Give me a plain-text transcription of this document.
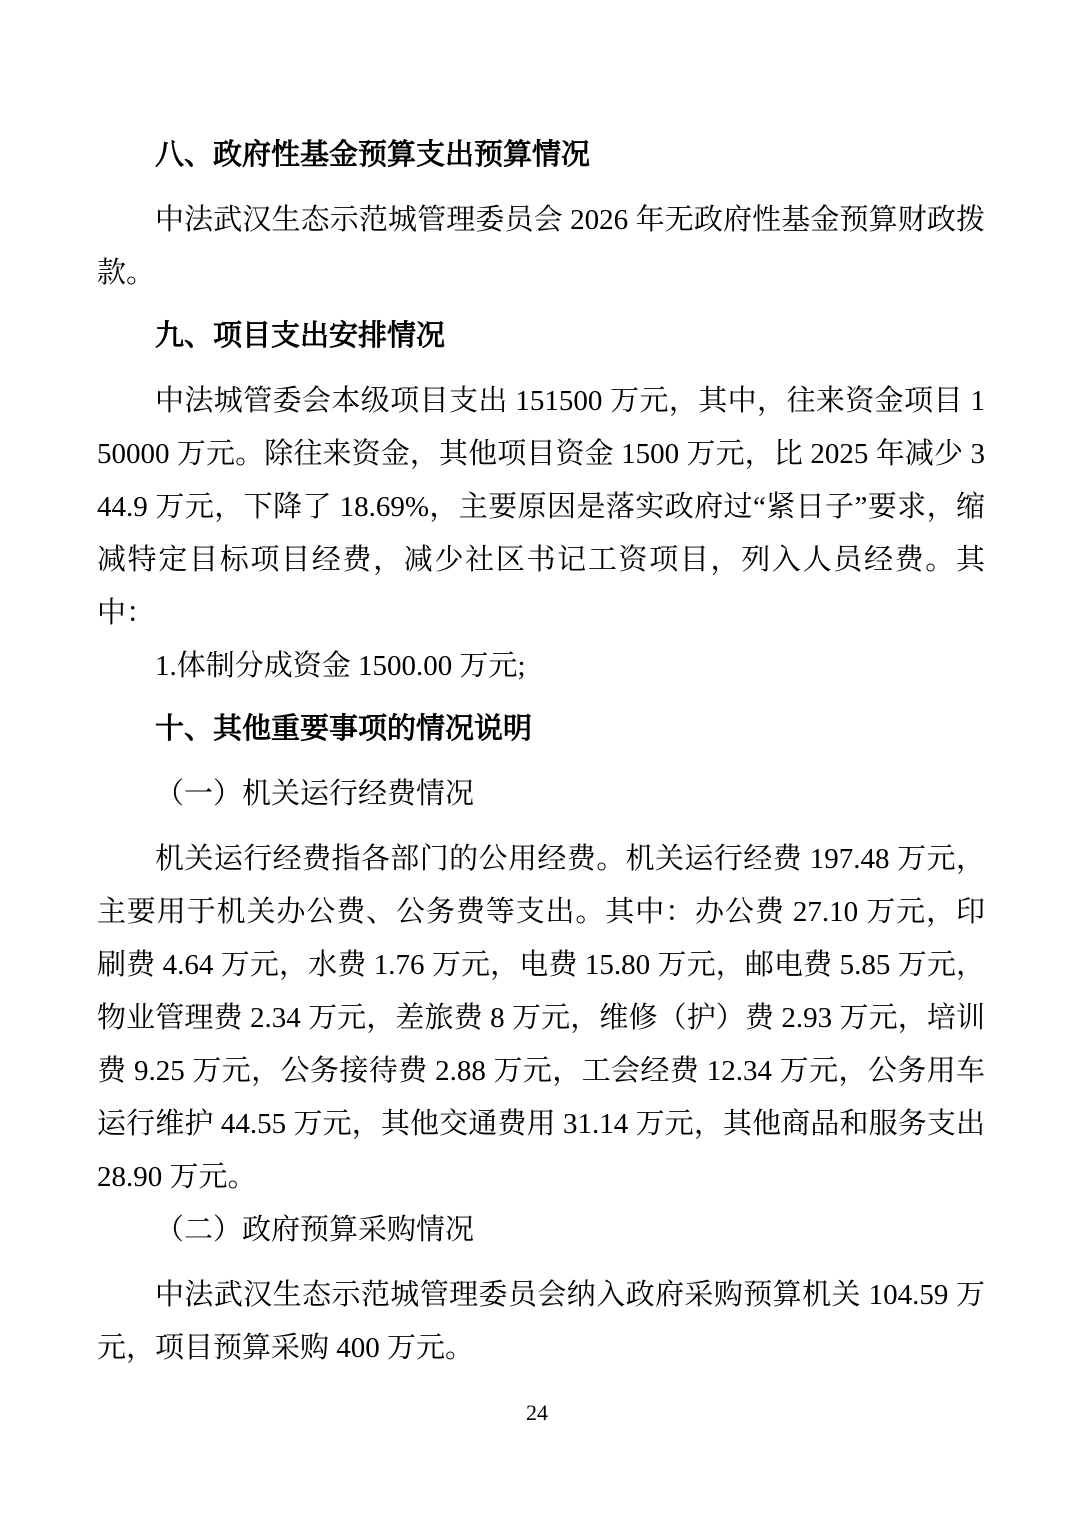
八、政府性基金预算支出预算情况

中法武汉生态示范城管理委员会 2026 年无政府性基金预算财政拨款。

九、项目支出安排情况

中法城管委会本级项目支出 151500 万元，其中，往来资金项目 150000 万元。除往来资金，其他项目资金 1500 万元，比 2025 年减少 344.9 万元，下降了 18.69%，主要原因是落实政府过“紧日子”要求，缩减特定目标项目经费，减少社区书记工资项目，列入人员经费。其中：

1.体制分成资金 1500.00 万元;

十、其他重要事项的情况说明

（一）机关运行经费情况

机关运行经费指各部门的公用经费。机关运行经费 197.48 万元，主要用于机关办公费、公务费等支出。其中：办公费 27.10 万元，印刷费 4.64 万元，水费 1.76 万元，电费 15.80 万元，邮电费 5.85 万元，物业管理费 2.34 万元，差旅费 8 万元，维修（护）费 2.93 万元，培训费 9.25 万元，公务接待费 2.88 万元，工会经费 12.34 万元，公务用车运行维护 44.55 万元，其他交通费用 31.14 万元，其他商品和服务支出 28.90 万元。

（二）政府预算采购情况

中法武汉生态示范城管理委员会纳入政府采购预算机关 104.59 万元，项目预算采购 400 万元。

24
